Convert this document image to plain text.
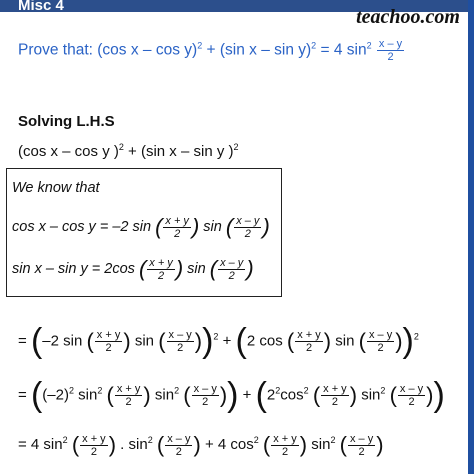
Misc 4
teachoo.com
Prove that: (cos x – cos y)$^2$ + (sin x – sin y)$^2$ = 4 $\sin^2 \frac{x - y}{2}$
Solving L.H.S
(cos x – cos y )$^2$ + (sin x – sin y )$^2$
We know that
cos x – cos y = –2 sin ( $\frac{x + y}{2}$ ) sin ( $\frac{x - y}{2}$ )
sin x – sin y = 2cos ( $\frac{x + y}{2}$ ) sin ( $\frac{x - y}{2}$ )
= (–2 sin ( $\frac{x + y}{2}$ ) sin ( $\frac{x - y}{2} ))^2 + (2$ cos ( $\frac{x + y}{2}$ ) sin ( $\frac{x - y}{2} ))^2$
= ($(-2)^2$ $\sin^2$ ( $\frac{x + y}{2}$ ) $\sin^2$ ( $\frac{x - y}{2}$ )) + ($2^2\cos^2$ ( $\frac{x + y}{2}$ ) $\sin^2$ ( $\frac{x - y}{2}$ ))
= 4 $\sin^2$ ( $\frac{x + y}{2}$ ) . $\sin^2$ ( $\frac{x - y}{2}$ ) + 4 $\cos^2$ ( $\frac{x + y}{2}$ ) $\sin^2$ ( $\frac{x - y}{2}$ )
